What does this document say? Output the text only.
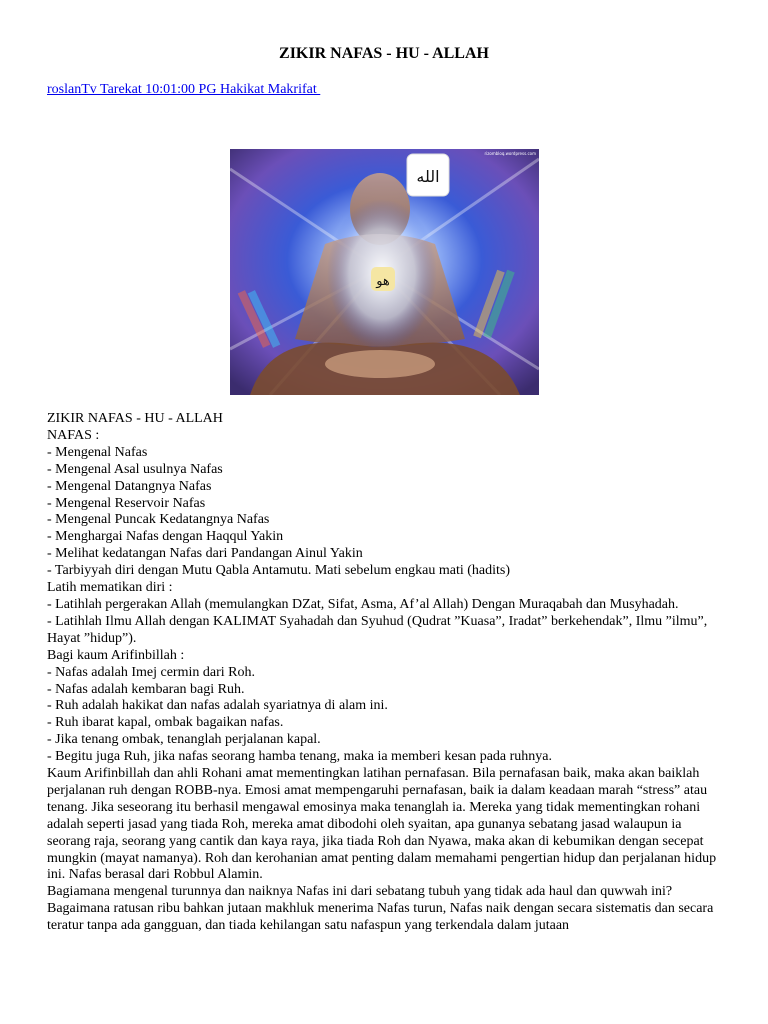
ZIKIR NAFAS - HU - ALLAH
roslanTv Tarekat 10:01:00 PG Hakikat Makrifat
الله
هو
rizombloq.wordpress.com
ZIKIR NAFAS - HU - ALLAH
NAFAS :
- Mengenal Nafas
- Mengenal Asal usulnya Nafas
- Mengenal Datangnya Nafas
- Mengenal Reservoir Nafas
- Mengenal Puncak Kedatangnya Nafas
- Menghargai Nafas dengan Haqqul Yakin
- Melihat kedatangan Nafas dari Pandangan Ainul Yakin
- Tarbiyyah diri dengan Mutu Qabla Antamutu. Mati sebelum engkau mati (hadits)
Latih mematikan diri :
- Latihlah pergerakan Allah (memulangkan DZat, Sifat, Asma, Af’al Allah) Dengan Muraqabah dan Musyhadah.
- Latihlah Ilmu Allah dengan KALIMAT Syahadah dan Syuhud (Qudrat ”Kuasa”, Iradat” berkehendak”, Ilmu ”ilmu”, Hayat ”hidup”).
Bagi kaum Arifinbillah :
- Nafas adalah Imej cermin dari Roh.
- Nafas adalah kembaran bagi Ruh.
- Ruh adalah hakikat dan nafas adalah syariatnya di alam ini.
- Ruh ibarat kapal, ombak bagaikan nafas.
- Jika tenang ombak, tenanglah perjalanan kapal.
- Begitu juga Ruh, jika nafas seorang hamba tenang, maka ia memberi kesan pada ruhnya.
Kaum Arifinbillah dan ahli Rohani amat mementingkan latihan pernafasan. Bila pernafasan baik, maka akan baiklah perjalanan ruh dengan ROBB-nya. Emosi amat mempengaruhi pernafasan, baik ia dalam keadaan marah “stress” atau tenang. Jika seseorang itu berhasil mengawal emosinya maka tenanglah ia. Mereka yang tidak mementingkan rohani adalah seperti jasad yang tiada Roh, mereka amat dibodohi oleh syaitan, apa gunanya sebatang jasad walaupun ia seorang raja, seorang yang cantik dan kaya raya, jika tiada Roh dan Nyawa, maka akan di kebumikan dengan secepat mungkin (mayat namanya). Roh dan kerohanian amat penting dalam memahami pengertian hidup dan perjalanan hidup ini. Nafas berasal dari Robbul Alamin.
Bagiamana mengenal turunnya dan naiknya Nafas ini dari sebatang tubuh yang tidak ada haul dan quwwah ini?
Bagaimana ratusan ribu bahkan jutaan makhluk menerima Nafas turun, Nafas naik dengan secara sistematis dan secara teratur tanpa ada gangguan, dan tiada kehilangan satu nafaspun yang terkendala dalam jutaan
